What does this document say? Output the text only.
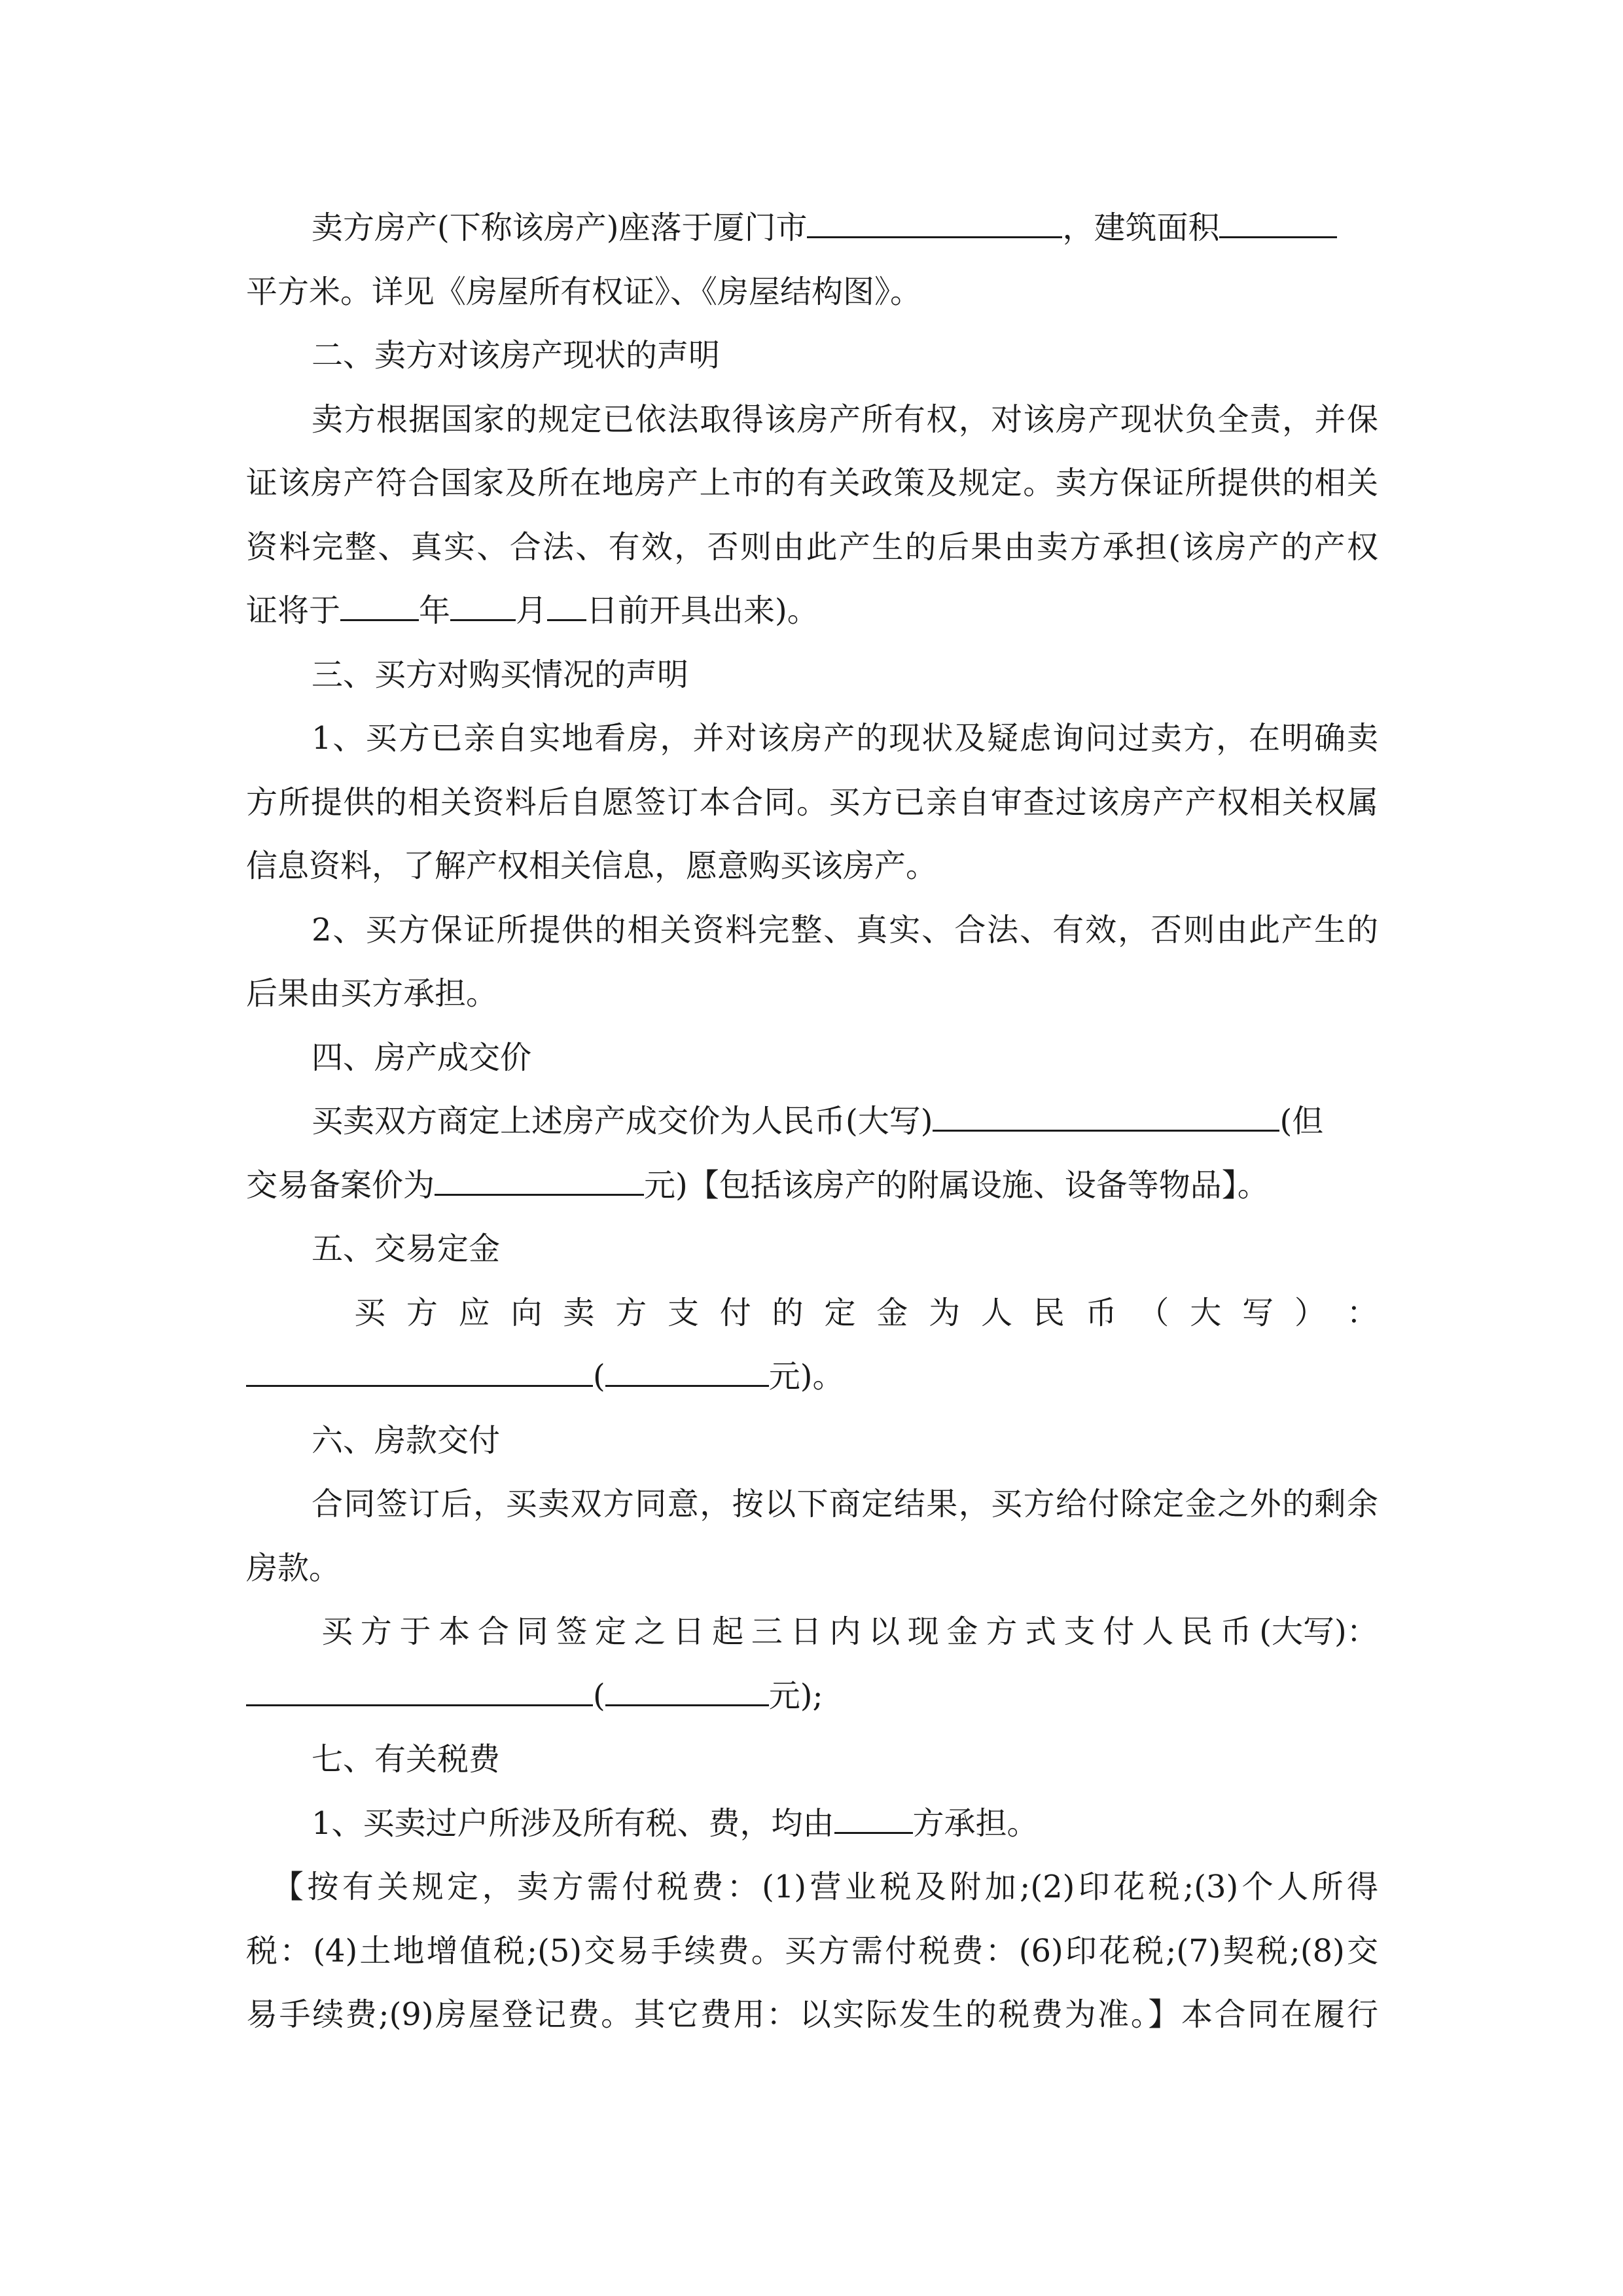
卖方房产(下称该房产)座落于厦门市	，建筑面积
平方米。详见《房屋所有权证》、《房屋结构图》。
二、卖方对该房产现状的声明
卖方根据国家的规定已依法取得该房产所有权，对该房产现状负全责，并保
证该房产符合国家及所在地房产上市的有关政策及规定。卖方保证所提供的相关
资料完整、真实、合法、有效，否则由此产生的后果由卖方承担(该房产的产权
证将于	年 月 日前开具出来)。
三、买方对购买情况的声明
1、买方已亲自实地看房，并对该房产的现状及疑虑询问过卖方，在明确卖
方所提供的相关资料后自愿签订本合同。买方已亲自审查过该房产产权相关权属
信息资料，了解产权相关信息，愿意购买该房产。
2、买方保证所提供的相关资料完整、真实、合法、有效，否则由此产生的
后果由买方承担。
四、房产成交价
买卖双方商定上述房产成交价为人民币(大写)	(但
交易备案价为	元)【包括该房产的附属设施、设备等物品】。
五、交易定金
买 方 应 向 卖 方 支 付 的 定 金 为 人 民 币 （ 大 写 ） ：
(	元)。
六、房款交付
合同签订后，买卖双方同意，按以下商定结果，买方给付除定金之外的剩余
房款。
买 方 于 本 合 同 签 定 之 日 起 三 日 内 以 现 金 方 式 支 付 人 民 币 (大写)：
(	元);
七、有关税费
1、买卖过户所涉及所有税、费，均由	方承担。
【按有关规定，卖方需付税费：(1)营业税及附加;(2)印花税;(3)个人所得
税：(4)土地增值税;(5)交易手续费。买方需付税费：(6)印花税;(7)契税;(8)交
易手续费;(9)房屋登记费。其它费用：以实际发生的税费为准。】本合同在履行
